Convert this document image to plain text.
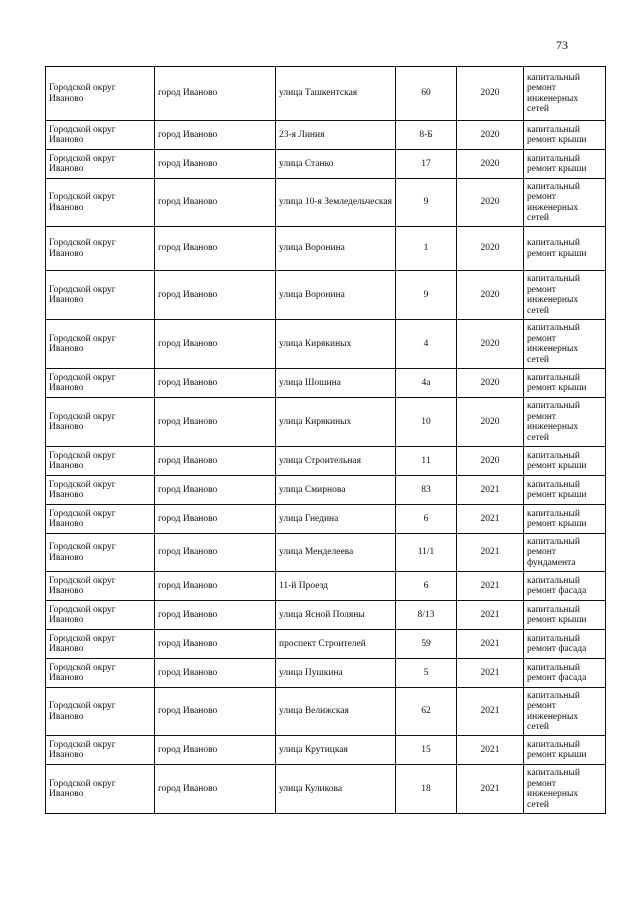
73
Городской округ Иваново	город Иваново	улица Ташкентская	60	2020	капитальный ремонт инженерных сетей
Городской округ Иваново	город Иваново	23-я Линия	8-Б	2020	капитальный ремонт крыши
Городской округ Иваново	город Иваново	улица Станко	17	2020	капитальный ремонт крыши
Городской округ Иваново	город Иваново	улица 10-я Земледельческая	9	2020	капитальный ремонт инженерных сетей
Городской округ Иваново	город Иваново	улица Воронина	1	2020	капитальный ремонт крыши
Городской округ Иваново	город Иваново	улица Воронина	9	2020	капитальный ремонт инженерных сетей
Городской округ Иваново	город Иваново	улица Кирякиных	4	2020	капитальный ремонт инженерных сетей
Городской округ Иваново	город Иваново	улица Шошина	4а	2020	капитальный ремонт крыши
Городской округ Иваново	город Иваново	улица Кирякиных	10	2020	капитальный ремонт инженерных сетей
Городской округ Иваново	город Иваново	улица Строительная	11	2020	капитальный ремонт крыши
Городской округ Иваново	город Иваново	улица Смирнова	83	2021	капитальный ремонт крыши
Городской округ Иваново	город Иваново	улица Гнедина	6	2021	капитальный ремонт крыши
Городской округ Иваново	город Иваново	улица Менделеева	11/1	2021	капитальный ремонт фундамента
Городской округ Иваново	город Иваново	11-й Проезд	6	2021	капитальный ремонт фасада
Городской округ Иваново	город Иваново	улица Ясной Поляны	8/13	2021	капитальный ремонт крыши
Городской округ Иваново	город Иваново	проспект Строителей	59	2021	капитальный ремонт фасада
Городской округ Иваново	город Иваново	улица Пушкина	5	2021	капитальный ремонт фасада
Городской округ Иваново	город Иваново	улица Велижская	62	2021	капитальный ремонт инженерных сетей
Городской округ Иваново	город Иваново	улица Крутицкая	15	2021	капитальный ремонт крыши
Городской округ Иваново	город Иваново	улица Куликова	18	2021	капитальный ремонт инженерных сетей
